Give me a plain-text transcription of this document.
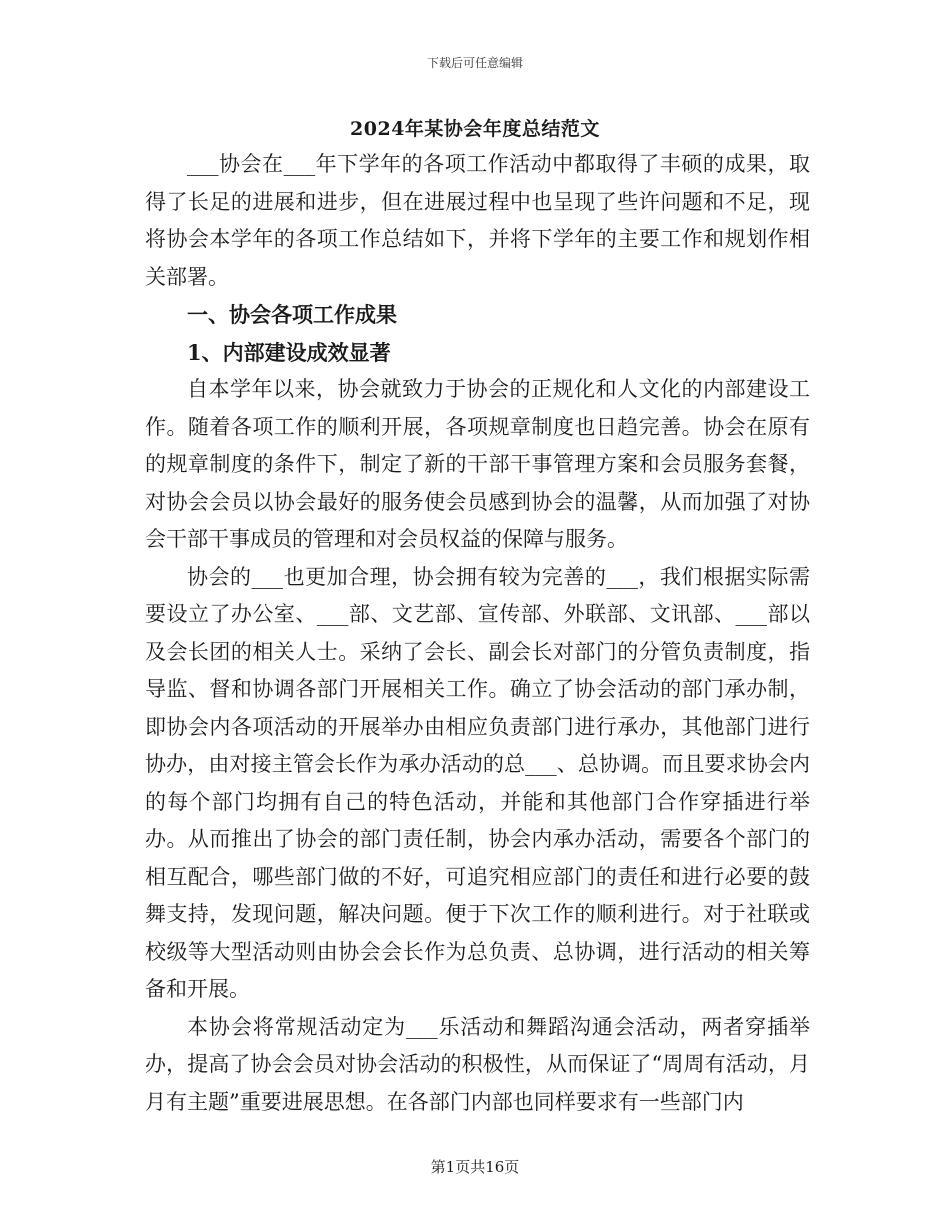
下载后可任意编辑
2024年某协会年度总结范文

___协会在___年下学年的各项工作活动中都取得了丰硕的成果，取得了长足的进展和进步，但在进展过程中也呈现了些许问题和不足，现将协会本学年的各项工作总结如下，并将下学年的主要工作和规划作相关部署。

一、协会各项工作成果

1、内部建设成效显著

自本学年以来，协会就致力于协会的正规化和人文化的内部建设工作。随着各项工作的顺利开展，各项规章制度也日趋完善。协会在原有的规章制度的条件下，制定了新的干部干事管理方案和会员服务套餐，对协会会员以协会最好的服务使会员感到协会的温馨，从而加强了对协会干部干事成员的管理和对会员权益的保障与服务。

协会的___也更加合理，协会拥有较为完善的___，我们根据实际需要设立了办公室、___部、文艺部、宣传部、外联部、文讯部、___部以及会长团的相关人士。采纳了会长、副会长对部门的分管负责制度，指导监、督和协调各部门开展相关工作。确立了协会活动的部门承办制，即协会内各项活动的开展举办由相应负责部门进行承办，其他部门进行协办，由对接主管会长作为承办活动的总___、总协调。而且要求协会内的每个部门均拥有自己的特色活动，并能和其他部门合作穿插进行举办。从而推出了协会的部门责任制，协会内承办活动，需要各个部门的相互配合，哪些部门做的不好，可追究相应部门的责任和进行必要的鼓舞支持，发现问题，解决问题。便于下次工作的顺利进行。对于社联或校级等大型活动则由协会会长作为总负责、总协调，进行活动的相关筹备和开展。

本协会将常规活动定为___乐活动和舞蹈沟通会活动，两者穿插举办，提高了协会会员对协会活动的积极性，从而保证了“周周有活动，月月有主题”重要进展思想。在各部门内部也同样要求有一些部门内

第1页共16页
